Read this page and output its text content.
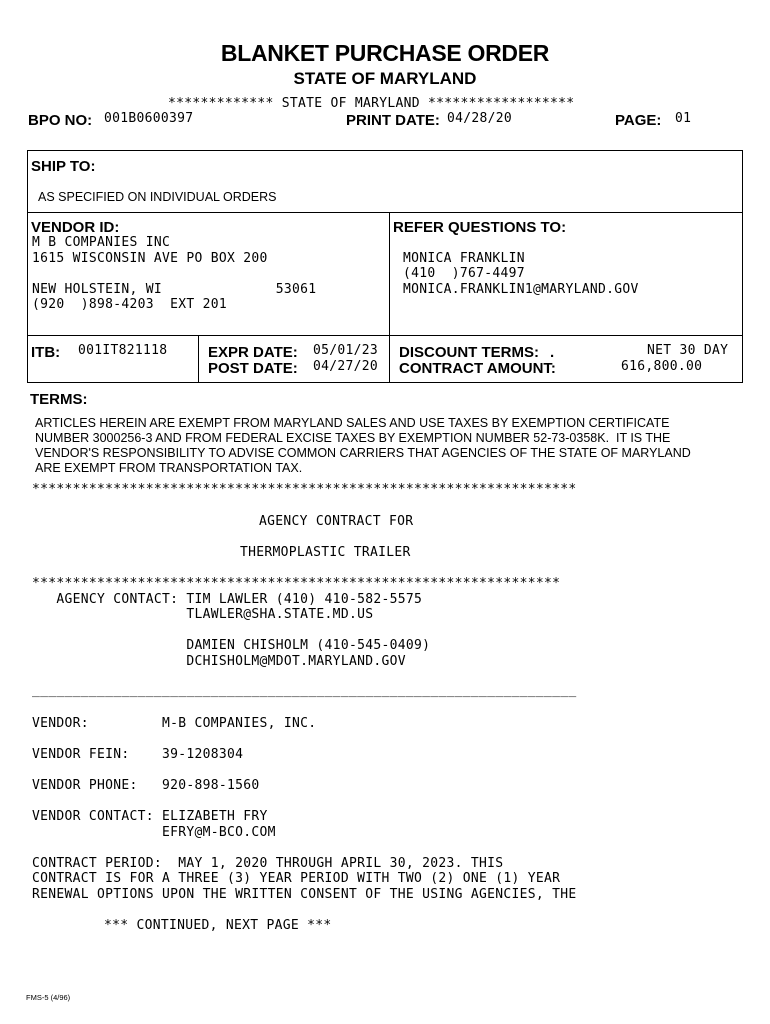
BLANKET PURCHASE ORDER
STATE OF MARYLAND
************* STATE OF MARYLAND ******************
BPO NO: 001B0600397	PRINT DATE: 04/28/20	PAGE: 01
SHIP TO:
AS SPECIFIED ON INDIVIDUAL ORDERS
VENDOR ID:
M B COMPANIES INC
1615 WISCONSIN AVE PO BOX 200
NEW HOLSTEIN, WI              53061
(920  )898-4203  EXT 201
REFER QUESTIONS TO:
MONICA FRANKLIN
(410  )767-4497
MONICA.FRANKLIN1@MARYLAND.GOV
ITB: 001IT821118	EXPR DATE: 05/01/23
POST DATE: 04/27/20
DISCOUNT TERMS: .	NET 30 DAY
CONTRACT AMOUNT:	616,800.00
TERMS:
ARTICLES HEREIN ARE EXEMPT FROM MARYLAND SALES AND USE TAXES BY EXEMPTION CERTIFICATE
NUMBER 3000256-3 AND FROM FEDERAL EXCISE TAXES BY EXEMPTION NUMBER 52-73-0358K.  IT IS THE
VENDOR'S RESPONSIBILITY TO ADVISE COMMON CARRIERS THAT AGENCIES OF THE STATE OF MARYLAND
ARE EXEMPT FROM TRANSPORTATION TAX.
*******************************************************************
AGENCY CONTRACT FOR
THERMOPLASTIC TRAILER
*****************************************************************
AGENCY CONTACT: TIM LAWLER (410) 410-582-5575
TLAWLER@SHA.STATE.MD.US
DAMIEN CHISHOLM (410-545-0409)
DCHISHOLM@MDOT.MARYLAND.GOV
___________________________________________________________________
VENDOR:         M-B COMPANIES, INC.
VENDOR FEIN:    39-1208304
VENDOR PHONE:   920-898-1560
VENDOR CONTACT: ELIZABETH FRY
EFRY@M-BCO.COM
CONTRACT PERIOD:  MAY 1, 2020 THROUGH APRIL 30, 2023. THIS
CONTRACT IS FOR A THREE (3) YEAR PERIOD WITH TWO (2) ONE (1) YEAR
RENEWAL OPTIONS UPON THE WRITTEN CONSENT OF THE USING AGENCIES, THE
*** CONTINUED, NEXT PAGE ***
FMS-5 (4/96)
